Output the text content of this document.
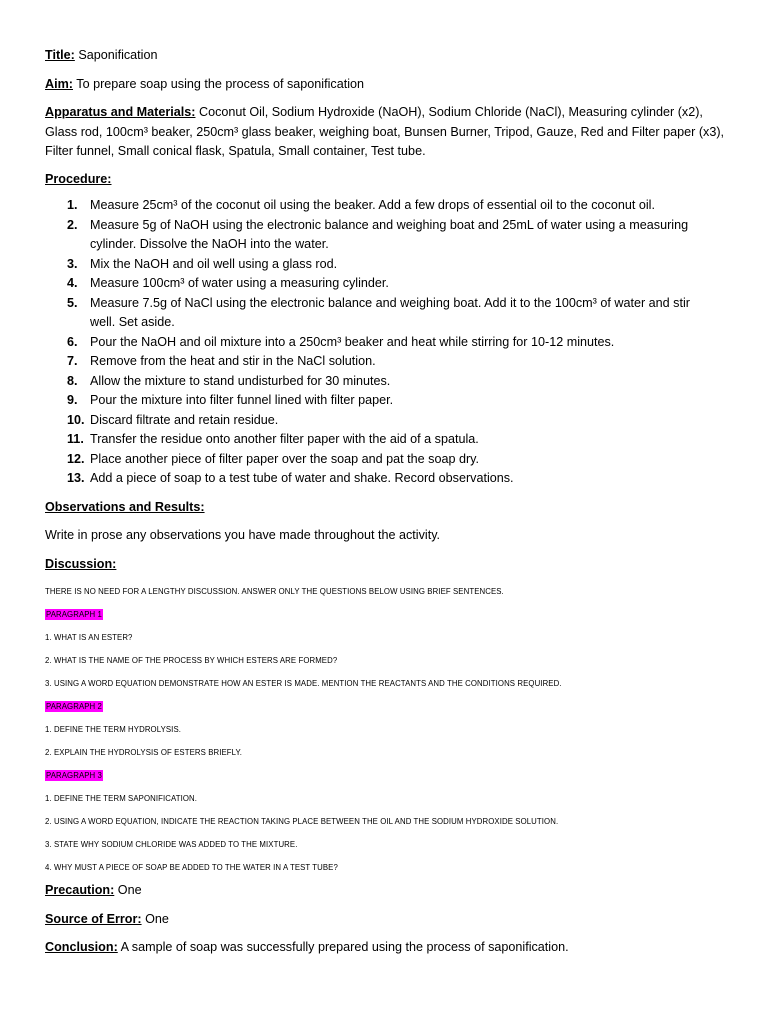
Title: Saponification

Aim: To prepare soap using the process of saponification

Apparatus and Materials: Coconut Oil, Sodium Hydroxide (NaOH), Sodium Chloride (NaCl), Measuring cylinder (x2),

Glass rod, 100cm³ beaker, 250cm³ glass beaker, weighing boat, Bunsen Burner, Tripod, Gauze, Red and Filter paper (x3),

Filter funnel, Small conical flask, Spatula, Small container, Test tube.

Procedure:

1. Measure 25cm³ of the coconut oil using the beaker. Add a few drops of essential oil to the coconut oil.
2. Measure 5g of NaOH using the electronic balance and weighing boat and 25mL of water using a measuring
cylinder. Dissolve the NaOH into the water.
3. Mix the NaOH and oil well using a glass rod.
4. Measure 100cm³ of water using a measuring cylinder.
5. Measure 7.5g of NaCl using the electronic balance and weighing boat. Add it to the 100cm³ of water and stir
well. Set aside.
6. Pour the NaOH and oil mixture into a 250cm³ beaker and heat while stirring for 10-12 minutes.
7. Remove from the heat and stir in the NaCl solution.
8. Allow the mixture to stand undisturbed for 30 minutes.
9. Pour the mixture into filter funnel lined with filter paper.
10. Discard filtrate and retain residue.
11. Transfer the residue onto another filter paper with the aid of a spatula.
12. Place another piece of filter paper over the soap and pat the soap dry.
13. Add a piece of soap to a test tube of water and shake. Record observations.

Observations and Results:

Write in prose any observations you have made throughout the activity.

Discussion:

THERE IS NO NEED FOR A LENGTHY DISCUSSION. ANSWER ONLY THE QUESTIONS BELOW USING BRIEF SENTENCES.
PARAGRAPH 1
1. WHAT IS AN ESTER?
2. WHAT IS THE NAME OF THE PROCESS BY WHICH ESTERS ARE FORMED?
3. USING A WORD EQUATION DEMONSTRATE HOW AN ESTER IS MADE. MENTION THE REACTANTS AND THE CONDITIONS REQUIRED.
PARAGRAPH 2
1. DEFINE THE TERM HYDROLYSIS.
2. EXPLAIN THE HYDROLYSIS OF ESTERS BRIEFLY.
PARAGRAPH 3
1. DEFINE THE TERM SAPONIFICATION.
2. USING A WORD EQUATION, INDICATE THE REACTION TAKING PLACE BETWEEN THE OIL AND THE SODIUM HYDROXIDE SOLUTION.
3. STATE WHY SODIUM CHLORIDE WAS ADDED TO THE MIXTURE.
4. WHY MUST A PIECE OF SOAP BE ADDED TO THE WATER IN A TEST TUBE?

Precaution: One

Source of Error: One

Conclusion: A sample of soap was successfully prepared using the process of saponification.
